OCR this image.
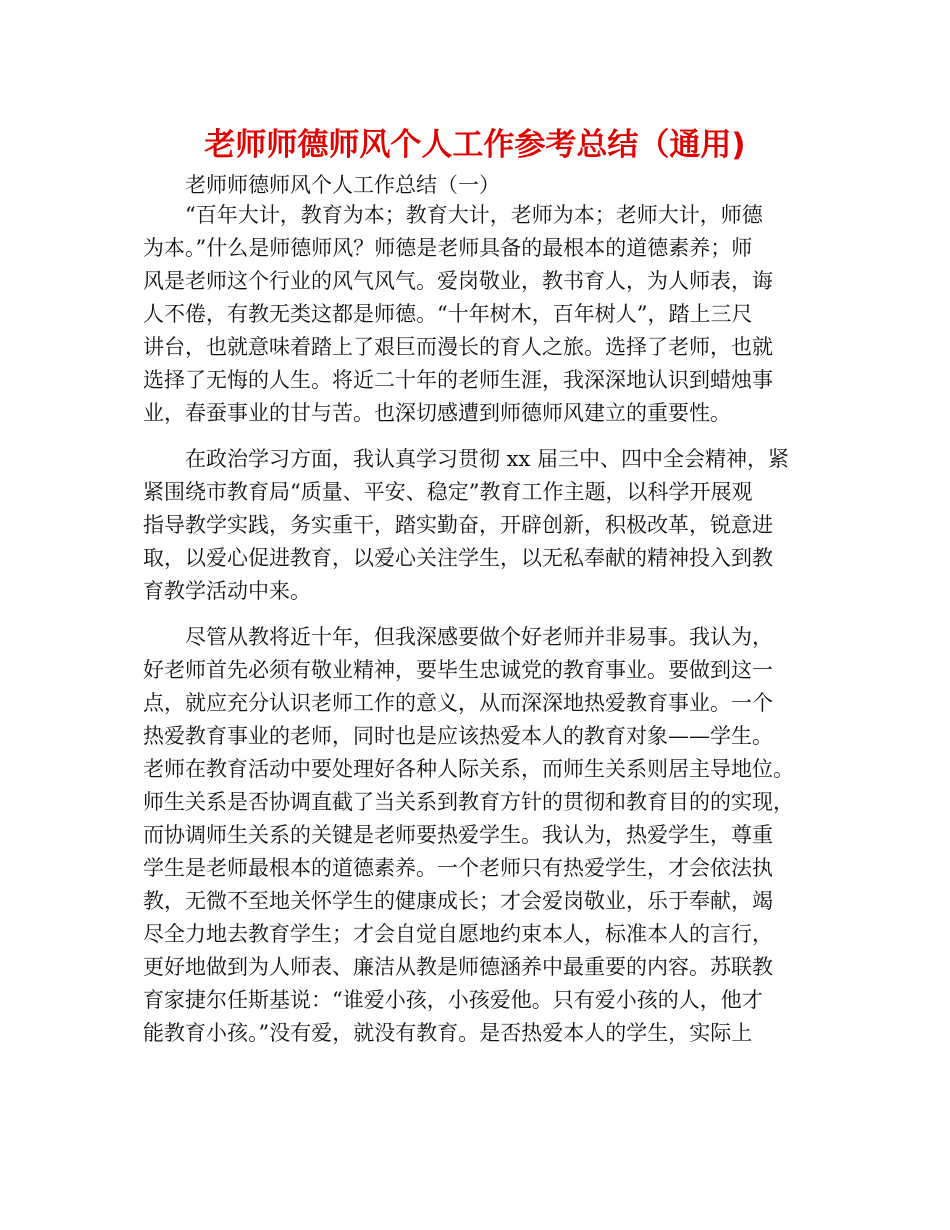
老师师德师风个人工作参考总结（通用)
老师师德师风个人工作总结（一）
“百年大计，教育为本；教育大计，老师为本；老师大计，师德
为本。”什么是师德师风？师德是老师具备的最根本的道德素养；师
风是老师这个行业的风气风气。爱岗敬业，教书育人，为人师表，诲
人不倦，有教无类这都是师德。“十年树木，百年树人”，踏上三尺
讲台，也就意味着踏上了艰巨而漫长的育人之旅。选择了老师，也就
选择了无悔的人生。将近二十年的老师生涯，我深深地认识到蜡烛事
业，春蚕事业的甘与苦。也深切感遭到师德师风建立的重要性。
在政治学习方面，我认真学习贯彻 xx 届三中、四中全会精神，紧
紧围绕市教育局“质量、平安、稳定”教育工作主题，以科学开展观
指导教学实践，务实重干，踏实勤奋，开辟创新，积极改革，锐意进
取，以爱心促进教育，以爱心关注学生，以无私奉献的精神投入到教
育教学活动中来。
尽管从教将近十年，但我深感要做个好老师并非易事。我认为，
好老师首先必须有敬业精神，要毕生忠诚党的教育事业。要做到这一
点，就应充分认识老师工作的意义，从而深深地热爱教育事业。一个
热爱教育事业的老师，同时也是应该热爱本人的教育对象——学生。
老师在教育活动中要处理好各种人际关系，而师生关系则居主导地位。
师生关系是否协调直截了当关系到教育方针的贯彻和教育目的的实现，
而协调师生关系的关键是老师要热爱学生。我认为，热爱学生，尊重
学生是老师最根本的道德素养。一个老师只有热爱学生，才会依法执
教，无微不至地关怀学生的健康成长；才会爱岗敬业，乐于奉献，竭
尽全力地去教育学生；才会自觉自愿地约束本人，标准本人的言行，
更好地做到为人师表、廉洁从教是师德涵养中最重要的内容。苏联教
育家捷尔任斯基说：“谁爱小孩，小孩爱他。只有爱小孩的人，他才
能教育小孩。”没有爱，就没有教育。是否热爱本人的学生，实际上
